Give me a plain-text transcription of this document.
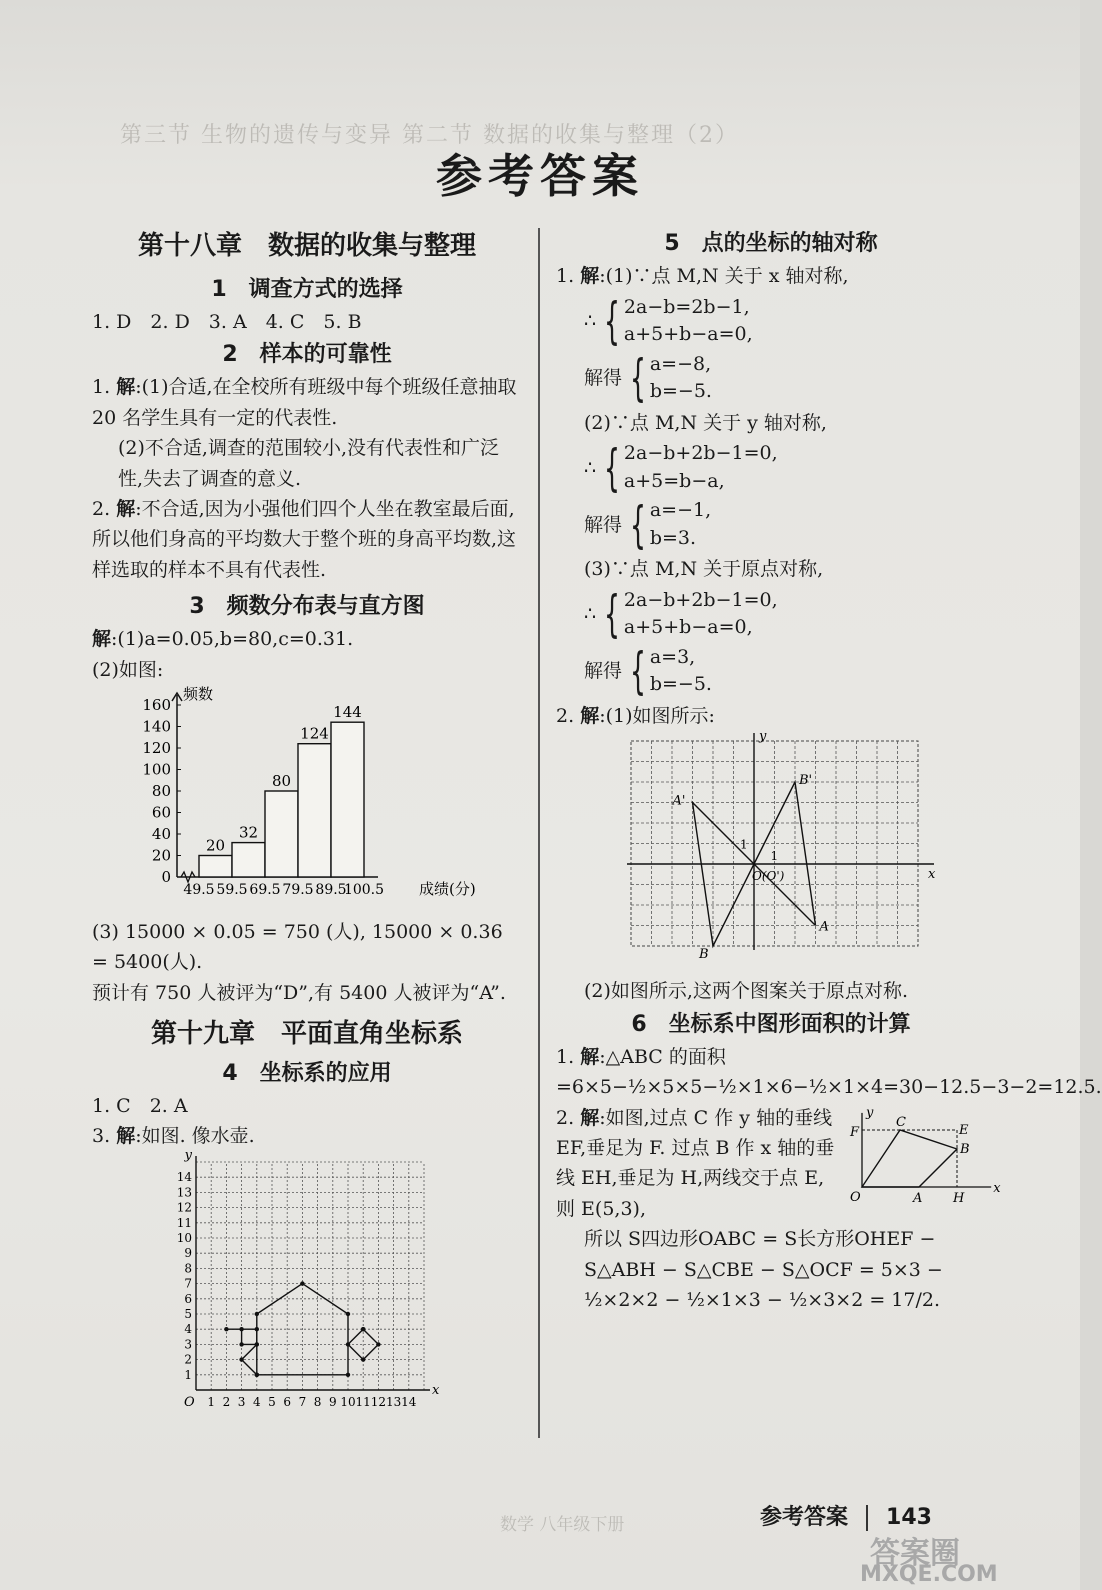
第三节 生物的遗传与变异 第二节 数据的收集与整理（2）
参考答案

第十八章　数据的收集与整理

1　调查方式的选择

1. D　2. D　3. A　4. C　5. B

2　样本的可靠性

1. 解:(1)合适,在全校所有班级中每个班级任意抽取 20 名学生具有一定的代表性.

(2)不合适,调查的范围较小,没有代表性和广泛性,失去了调查的意义.

2. 解:不合适,因为小强他们四个人坐在教室最后面,所以他们身高的平均数大于整个班的身高平均数,这样选取的样本不具有代表性.

3　频数分布表与直方图

解:(1)a=0.05,b=80,c=0.31.

(2)如图:

频数
0
20
40
60
80
100
120
140
160
20
32
80
124
144
49.5 59.5 69.5 79.5 89.5
100.5 成绩(分)

(3) 15000 × 0.05 = 750 (人), 15000 × 0.36 = 5400(人).

预计有 750 人被评为“D”,有 5400 人被评为“A”.

第十九章　平面直角坐标系

4　坐标系的应用

1. C　2. A

3. 解:如图. 像水壶.

y
x
O 1 2 3 4 5 6 7 8 9 10 11 12 13 14
1
2
3
4
5
6
7
8
9
10
11
12
13
14

5　点的坐标的轴对称

1. 解:(1)∵点 M,N 关于 x 轴对称,

∴ { 2a−b=2b−1,
a+5+b−a=0,
解得 { a=−8,
b=−5.

(2)∵点 M,N 关于 y 轴对称,

∴ { 2a−b+2b−1=0,
a+5=b−a,
解得 { a=−1,
b=3.

(3)∵点 M,N 关于原点对称,

∴ { 2a−b+2b−1=0,
a+5+b−a=0,
解得 { a=3,
b=−5.

2. 解:(1)如图所示:

y
x
O(O')
1
1
A
B
A'
B'

(2)如图所示,这两个图案关于原点对称.

6　坐标系中图形面积的计算

1. 解:△ABC 的面积=6×5−½×5×5−½×1×6−½×1×4=30−12.5−3−2=12.5.

y
x
O	A
B
C
E
F
H

2. 解:如图,过点 C 作 y 轴的垂线 EF,垂足为 F. 过点 B 作 x 轴的垂线 EH,垂足为 H,两线交于点 E,则 E(5,3),

所以 S四边形OABC = S长方形OHEF − S△ABH − S△CBE − S△OCF = 5×3 − ½×2×2 − ½×1×3 − ½×3×2 = 17/2.

数学 八年级下册	参考答案 143
答案圈
MXQE.COM
